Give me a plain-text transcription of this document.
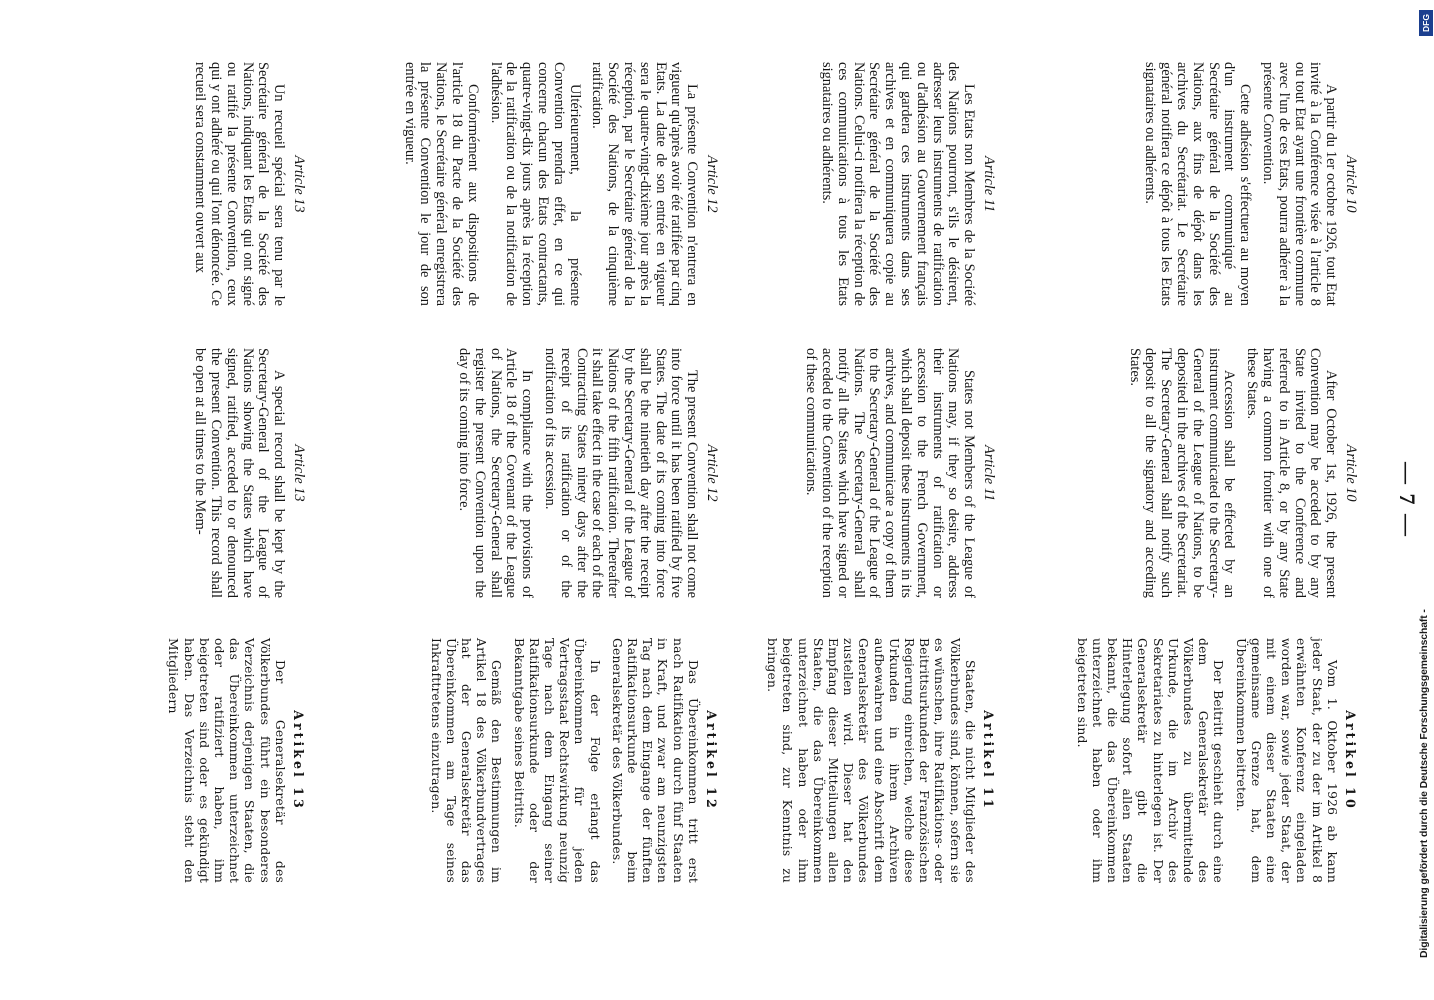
— 7 —

Article 10

A partir du 1er octobre 1926, tout Etat invité à la Conférence visée à l'article 8 ou tout Etat ayant une frontière commune avec l'un de ces Etats, pourra adhérer à la présente Convention.

Cette adhésion s'effectuera au moyen d'un instrument communiqué au Secrétaire général de la Société des Nations, aux fins de dépôt dans les archives du Secrétariat. Le Secrétaire général notifiera ce dépôt à tous les Etats signataires ou adhérents.

Article 10

After October 1st, 1926, the present Convention may be acceded to by any State invited to the Conference and referred to in Article 8, or by any State having a common frontier with one of these States.

Accession shall be effected by an instrument communicated to the Secretary-General of the League of Nations, to be deposited in the archives of the Secretariat. The Secretary-General shall notify such deposit to all the signatory and acceding States.

Artikel 10

Vom 1. Oktober 1926 ab kann jeder Staat, der zu der im Artikel 8 erwähnten Konferenz eingeladen worden war, sowie jeder Staat, der mit einem dieser Staaten eine gemeinsame Grenze hat, dem Übereinkommen beitreten.

Der Beitritt geschieht durch eine dem Generalsekretär des Völkerbundes zu übermittelnde Urkunde, die im Archiv des Sekretariates zu hinterlegen ist. Der Generalsekretär gibt die Hinterlegung sofort allen Staaten bekannt, die das Übereinkommen unterzeichnet haben oder ihm beigetreten sind.

Article 11

Les Etats non Membres de la Société des Nations pourront, s'ils le désirent, adresser leurs instruments de ratification ou d'adhésion au Gouvernement français qui gardera ces instruments dans ses archives et en communiquera copie au Secrétaire général de la Société des Nations. Celui-ci notifiera la réception de ces communications à tous les Etats signataires ou adhérents.

Article 11

States not Members of the League of Nations may, if they so desire, address their instruments of ratification or accession to the French Government, which shall deposit these instruments in its archives, and communicate a copy of them to the Secretary-General of the League of Nations. The Secretary-General shall notify all the States which have signed or acceded to the Convention of the reception of these communications.

Artikel 11

Staaten, die nicht Mitglieder des Völkerbundes sind, können, sofern sie es wünschen, ihre Ratifikations- oder Beitrittsurkunden der Französischen Regierung einreichen, welche diese Urkunden in ihrem Archiven aufbewahren und eine Abschrift dem Generalsekretär des Völkerbundes zustellen wird. Dieser hat den Empfang dieser Mitteilungen allen Staaten, die das Übereinkommen unterzeichnet haben oder ihm beigetreten sind, zur Kenntnis zu bringen.

Article 12

La présente Convention n'entrera en vigueur qu'après avoir été ratifiée par cinq Etats. La date de son entrée en vigueur sera le quatre-vingt-dixième jour après la réception, par le Secrétaire général de la Société des Nations, de la cinquième ratification.

Ultérieurement, la présente Convention prendra effet, en ce qui concerne chacun des Etats contractants, quatre-vingt-dix jours après la réception de la ratification ou de la notification de l'adhésion.

Conformément aux dispositions de l'article 18 du Pacte de la Société des Nations, le Secrétaire général enregistrera la présente Convention le jour de son entrée en vigueur.

Article 12

The present Convention shall not come into force until it has been ratified by five States. The date of its coming into force shall be the ninetieth day after the receipt by the Secretary-General of the League of Nations of the fifth ratification. Thereafter it shall take effect in the case of each of the Contracting States ninety days after the receipt of its ratification or of the notification of its accession.

In compliance with the provisions of Article 18 of the Covenant of the League of Nations, the Secretary-General shall register the present Convention upon the day of its coming into force.

Artikel 12

Das Übereinkommen tritt erst nach Ratifikation durch fünf Staaten in Kraft, und zwar am neunzigsten Tag nach dem Eingange der fünften Ratifikationsurkunde beim Generalsekretär des Völkerbundes.

In der Folge erlangt das Übereinkommen für jeden Vertragsstaat Rechtswirkung neunzig Tage nach dem Eingang seiner Ratifikationsurkunde oder der Bekanntgabe seines Beitritts.

Gemäß den Bestimmungen im Artikel 18 des Völkerbundvertrages hat der Generalsekretär das Übereinkommen am Tage seines Inkrafttretens einzutragen.

Article 13

Un recueil spécial sera tenu par le Secrétaire général de la Société des Nations, indiquant les Etats qui ont signé ou ratifié la présente Convention, ceux qui y ont adhéré ou qui l'ont dénoncée. Ce recueil sera constamment ouvert aux

Article 13

A special record shall be kept by the Secretary-General of the League of Nations showing the States which have signed, ratified, acceded to or denounced the present Convention. This record shall be open at all times to the Mem-

Artikel 13

Der Generalsekretär des Völkerbundes führt ein besonderes Verzeichnis derjenigen Staaten, die das Übereinkommen unterzeichnet oder ratifiziert haben, ihm beigetreten sind oder es gekündigt haben. Das Verzeichnis steht den Mitgliedern	Digitalisierung gefördert durch die Deutsche Forschungsgemeinschaft -
DFG
